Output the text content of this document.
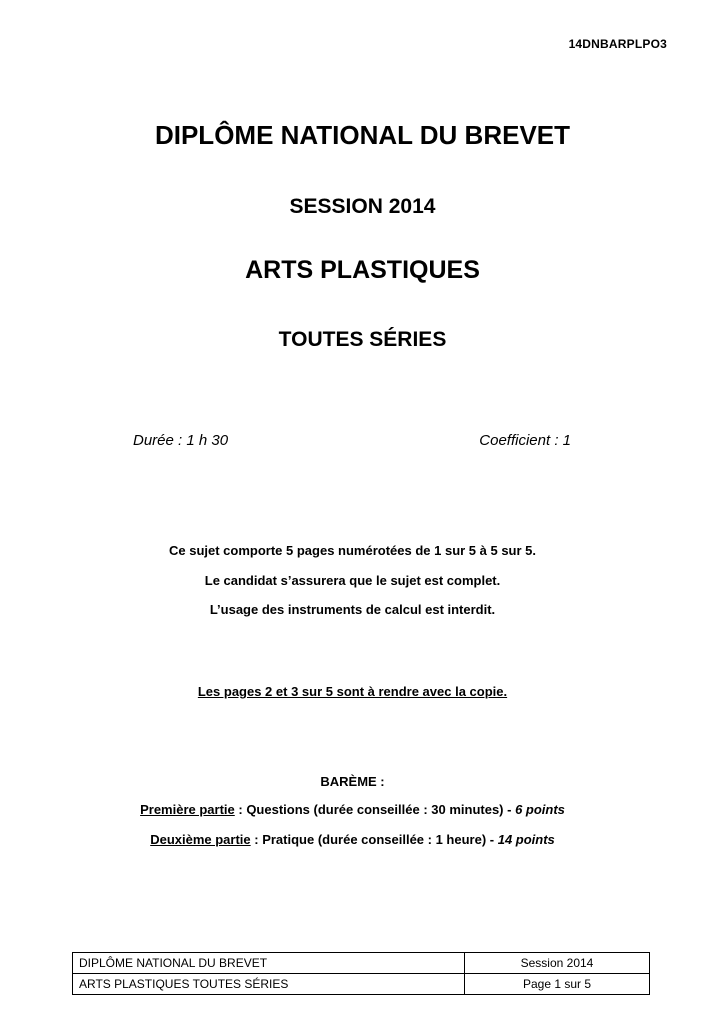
14DNBARPLPO3
DIPLÔME NATIONAL DU BREVET
SESSION 2014
ARTS PLASTIQUES
TOUTES SÉRIES
Durée : 1 h 30	Coefficient : 1
Ce sujet comporte 5 pages numérotées de 1 sur 5 à 5 sur 5.
Le candidat s’assurera que le sujet est complet.
L’usage des instruments de calcul est interdit.
Les pages 2 et 3 sur 5 sont à rendre avec la copie.
BARÈME :
Première partie : Questions (durée conseillée : 30 minutes) - 6 points
Deuxième partie : Pratique (durée conseillée : 1 heure) - 14 points
DIPLÔME NATIONAL DU BREVET	Session 2014
ARTS PLASTIQUES TOUTES SÉRIES	Page 1 sur 5
